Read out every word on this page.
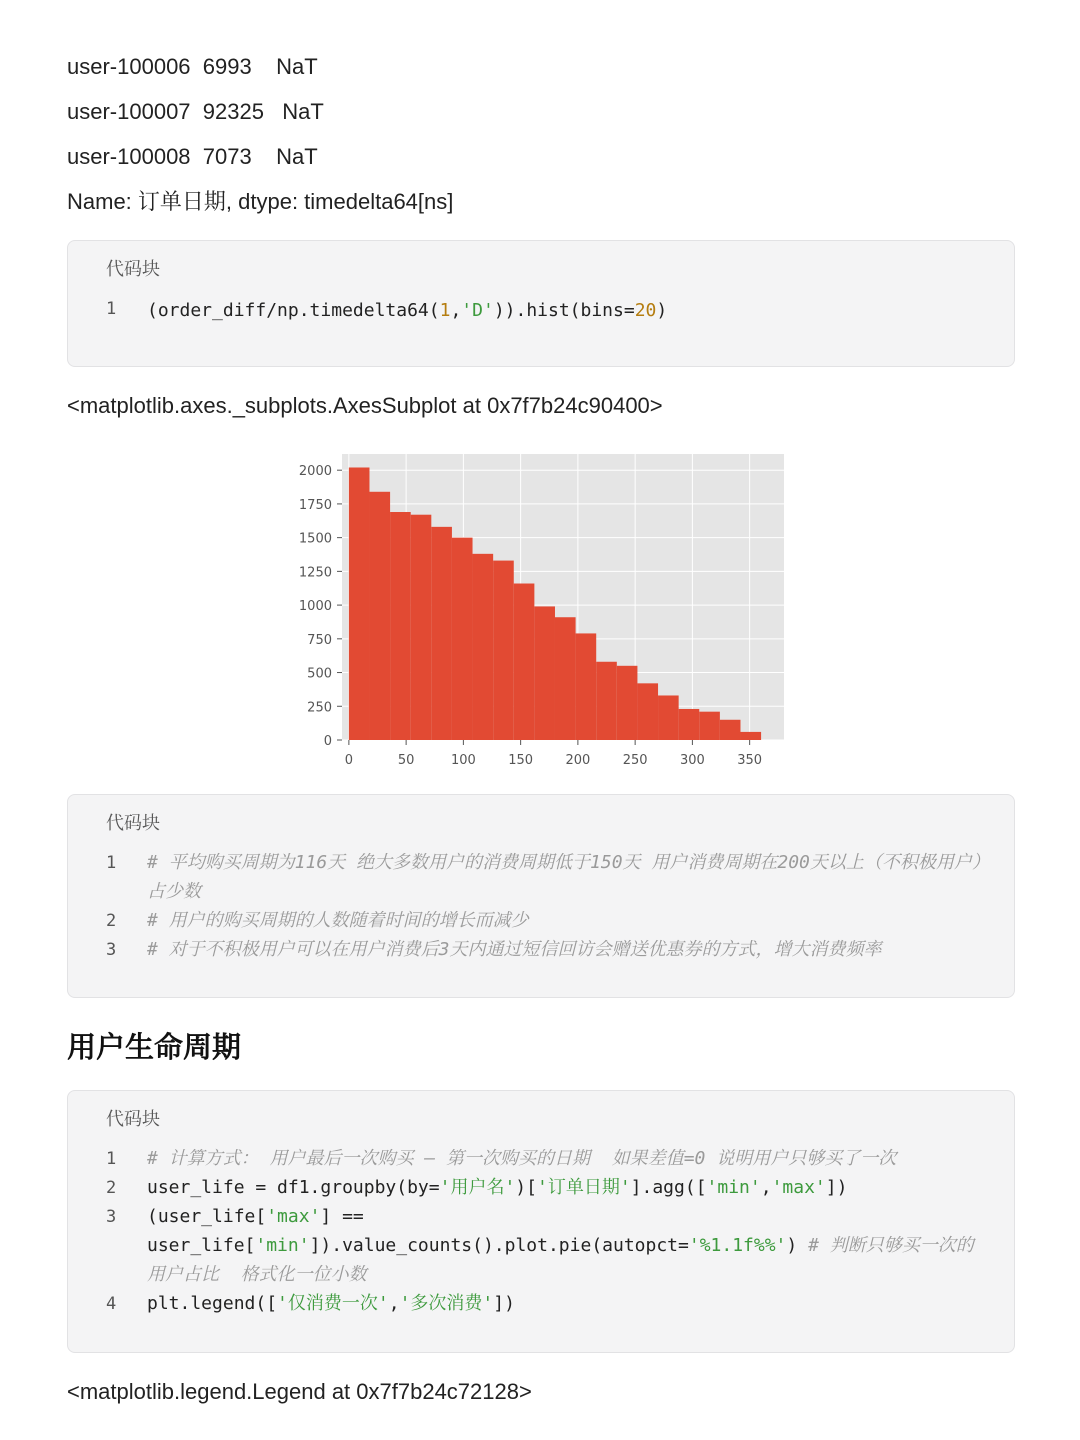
user-100006  6993    NaT
user-100007  92325   NaT
user-100008  7073    NaT
Name: 订单日期, dtype: timedelta64[ns]
代码块
1 (order_diff/np.timedelta64(1,'D')).hist(bins=20)
<matplotlib.axes._subplots.AxesSubplot at 0x7f7b24c90400>
0	50	100 150 200 250 300 350
0
250
500
750
1000
1250
1500
1750
2000
代码块
1 # 平均购买周期为116天 绝大多数用户的消费周期低于150天 用户消费周期在200天以上（不积极用户）占少数
2 # 用户的购买周期的人数随着时间的增长而减少
3 # 对于不积极用户可以在用户消费后3天内通过短信回访会赠送优惠券的方式，增大消费频率
用户生命周期
代码块
1 # 计算方式： 用户最后一次购买 – 第一次购买的日期  如果差值=0 说明用户只够买了一次
2 user_life = df1.groupby(by='用户名')['订单日期'].agg(['min','max'])
3 (user_life['max'] == user_life['min']).value_counts().plot.pie(autopct='%1.1f%%') # 判断只够买一次的用户占比  格式化一位小数
4 plt.legend(['仅消费一次','多次消费'])
<matplotlib.legend.Legend at 0x7f7b24c72128>
